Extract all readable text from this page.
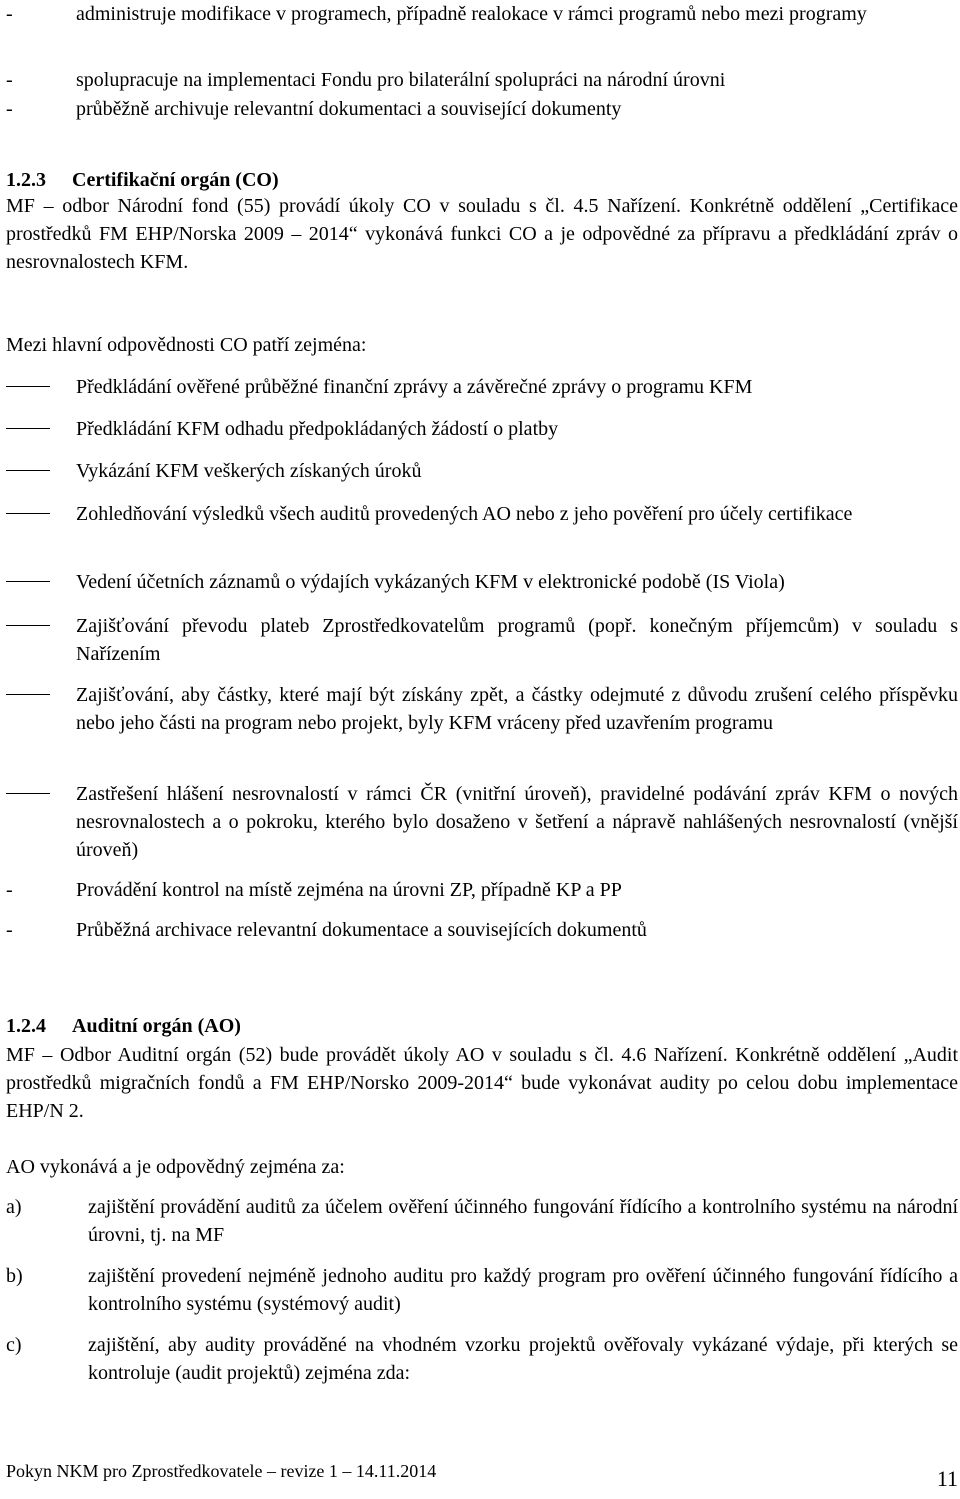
-	administruje modifikace v programech, případně realokace v rámci programů nebo mezi programy
-	spolupracuje na implementaci Fondu pro bilaterální spolupráci na národní úrovni
-	průběžně archivuje relevantní dokumentaci a související dokumenty
1.2.3 Certifikační orgán (CO)
MF – odbor Národní fond (55) provádí úkoly CO v souladu s čl. 4.5 Nařízení. Konkrétně oddělení „Certifikace prostředků FM EHP/Norska 2009 – 2014“ vykonává funkci CO a je odpovědné za přípravu a předkládání zpráv o nesrovnalostech KFM.
Mezi hlavní odpovědnosti CO patří zejména:
Předkládání ověřené průběžné finanční zprávy a závěrečné zprávy o programu KFM
Předkládání KFM odhadu předpokládaných žádostí o platby
Vykázání KFM veškerých získaných úroků
Zohledňování výsledků všech auditů provedených AO nebo z jeho pověření pro účely certifikace
Vedení účetních záznamů o výdajích vykázaných KFM v elektronické podobě (IS Viola)
Zajišťování převodu plateb Zprostředkovatelům programů (popř. konečným příjemcům) v souladu s Nařízením
Zajišťování, aby částky, které mají být získány zpět, a částky odejmuté z důvodu zrušení celého příspěvku nebo jeho části na program nebo projekt, byly KFM vráceny před uzavřením programu
Zastřešení hlášení nesrovnalostí v rámci ČR (vnitřní úroveň), pravidelné podávání zpráv KFM o nových nesrovnalostech a o pokroku, kterého bylo dosaženo v šetření a nápravě nahlášených nesrovnalostí (vnější úroveň)
-	Provádění kontrol na místě zejména na úrovni ZP, případně KP a PP
-	Průběžná archivace relevantní dokumentace a souvisejících dokumentů
1.2.4 Auditní orgán (AO)
MF – Odbor Auditní orgán (52) bude provádět úkoly AO v souladu s čl. 4.6 Nařízení. Konkrétně oddělení „Audit prostředků migračních fondů a FM EHP/Norsko 2009-2014“ bude vykonávat audity po celou dobu implementace EHP/N 2.
AO vykonává a je odpovědný zejména za:
a)	zajištění provádění auditů za účelem ověření účinného fungování řídícího a kontrolního systému na národní úrovni, tj. na MF
b)	zajištění provedení nejméně jednoho auditu pro každý program pro ověření účinného fungování řídícího a kontrolního systému (systémový audit)
c)	zajištění, aby audity prováděné na vhodném vzorku projektů ověřovaly vykázané výdaje, při kterých se kontroluje (audit projektů) zejména zda:
Pokyn NKM pro Zprostředkovatele – revize 1 – 14.11.2014	11
